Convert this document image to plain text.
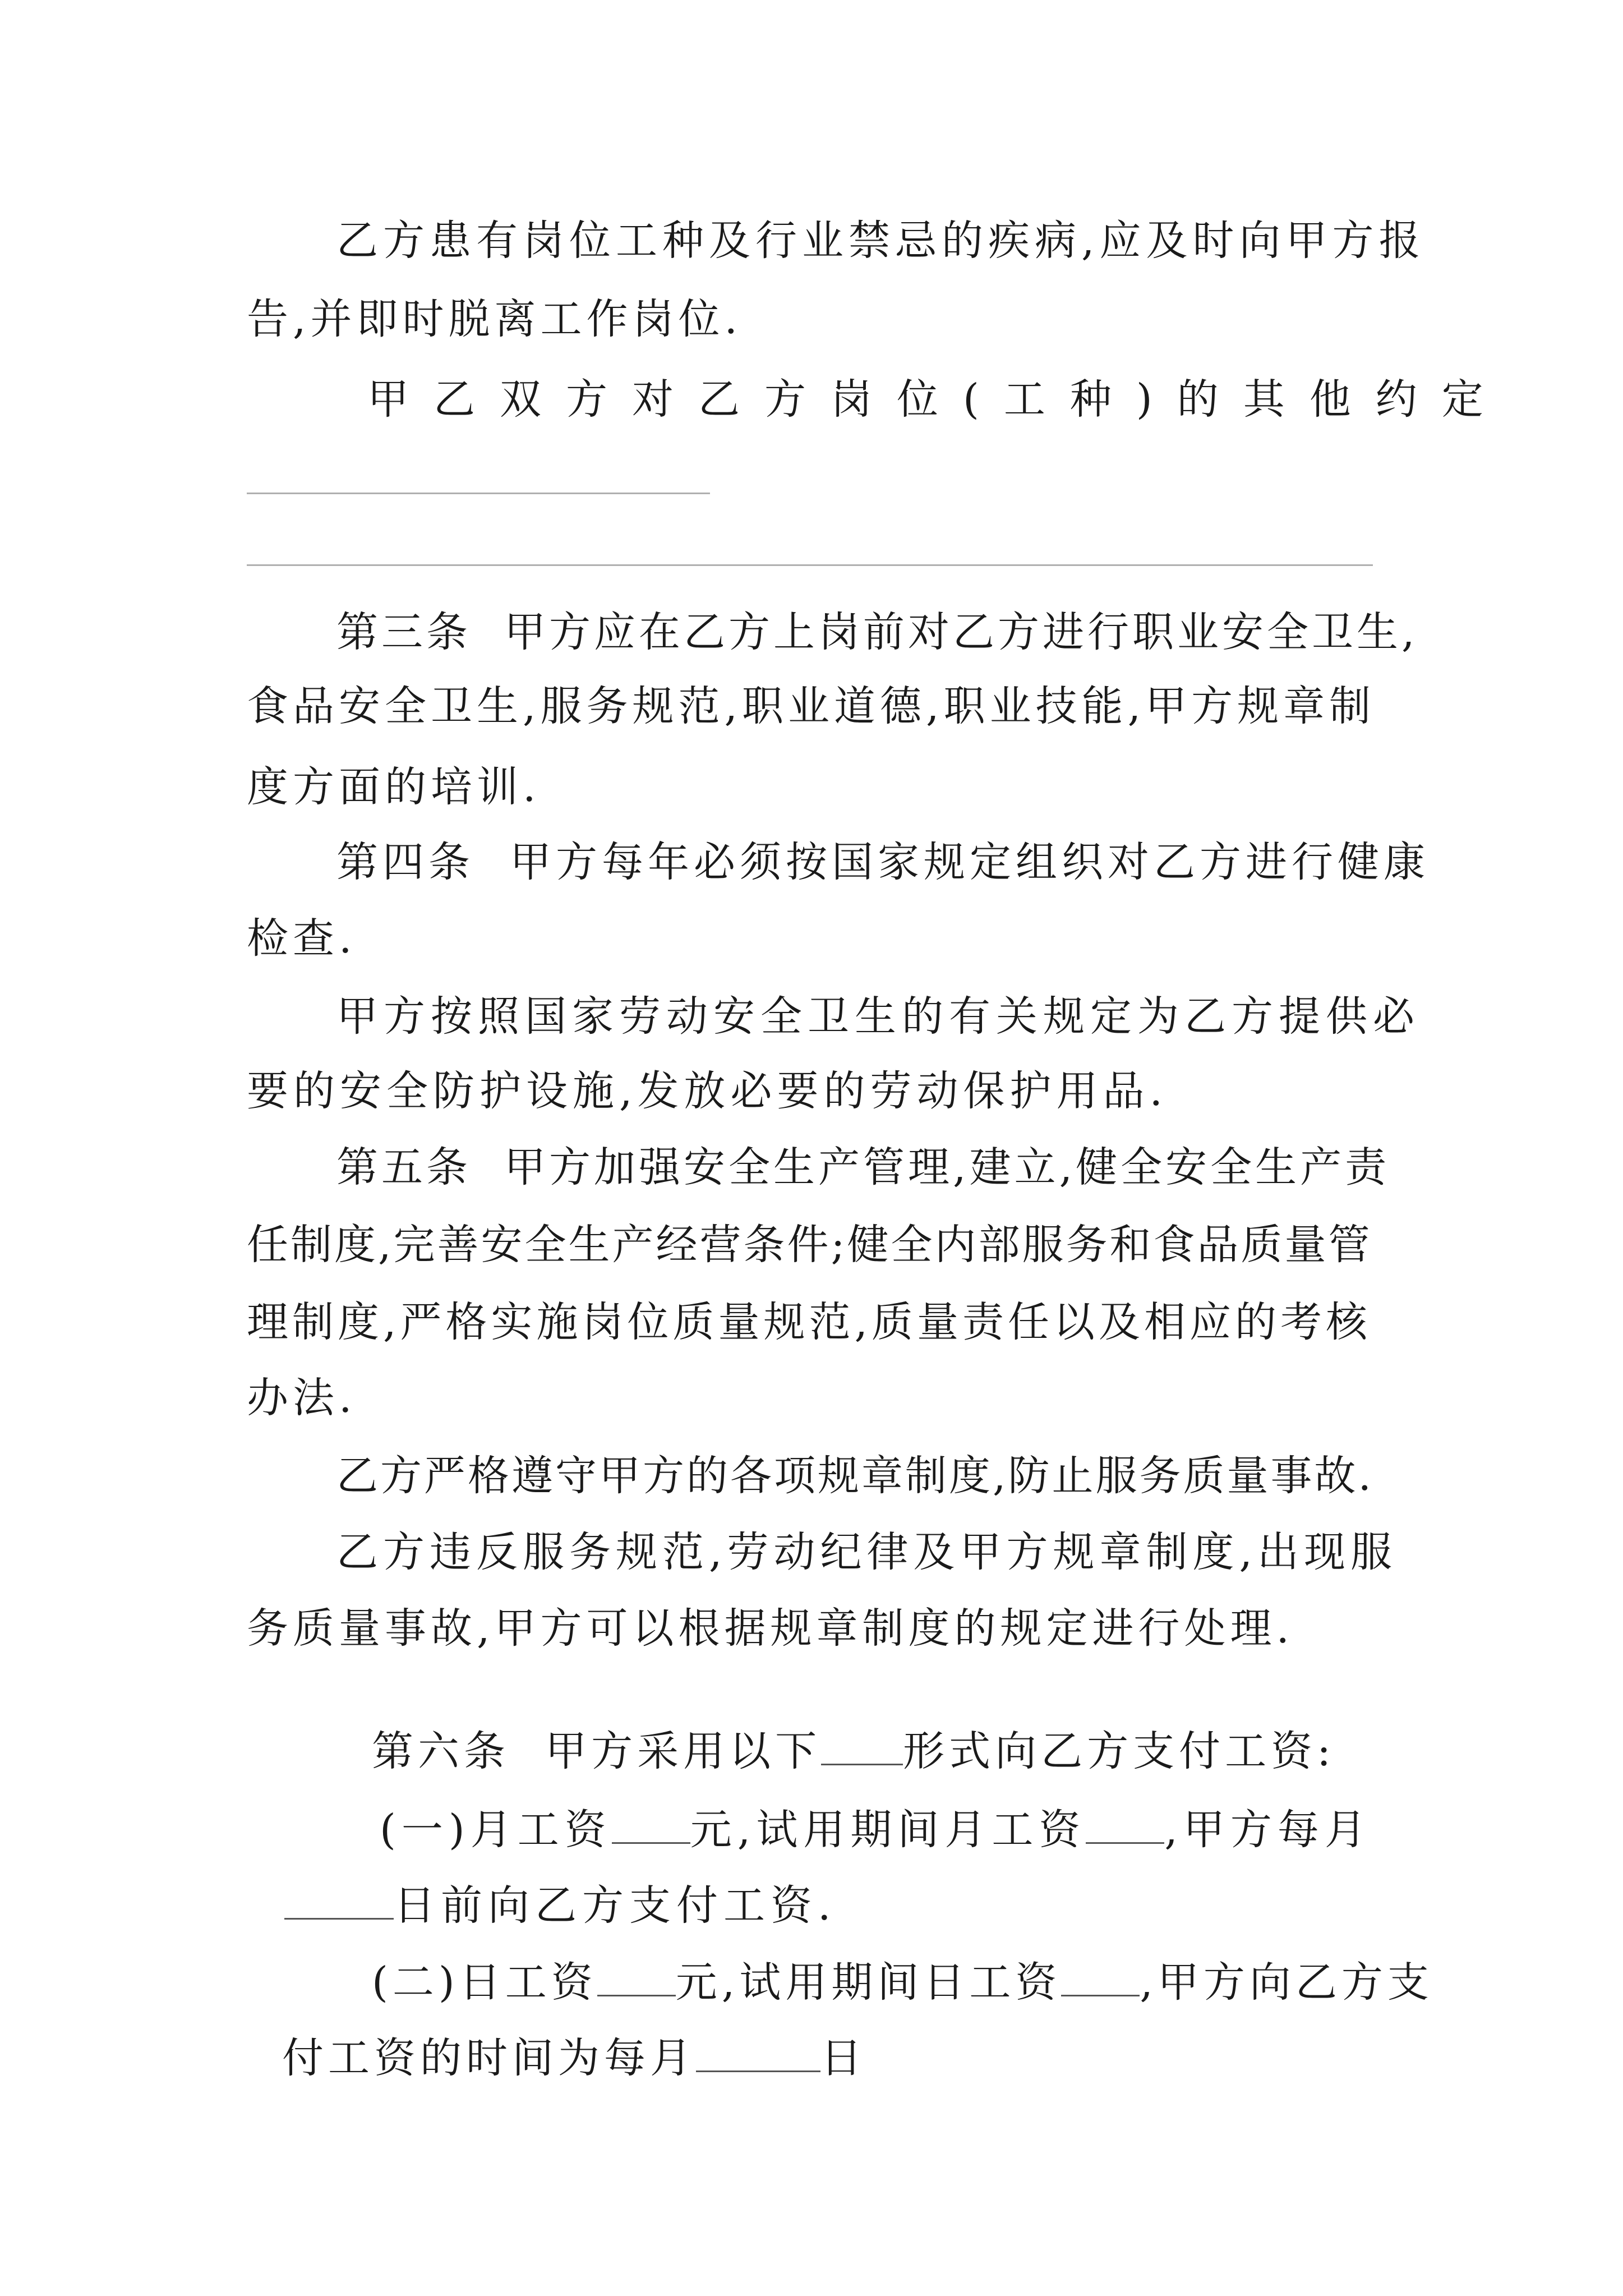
乙方患有岗位工种及行业禁忌的疾病,应及时向甲方报
告,并即时脱离工作岗位.
甲乙双方对乙方岗位(工种)的其他约定
第三条  甲方应在乙方上岗前对乙方进行职业安全卫生,
食品安全卫生,服务规范,职业道德,职业技能,甲方规章制
度方面的培训.
第四条  甲方每年必须按国家规定组织对乙方进行健康
检查.
甲方按照国家劳动安全卫生的有关规定为乙方提供必
要的安全防护设施,发放必要的劳动保护用品.
第五条  甲方加强安全生产管理,建立,健全安全生产责
任制度,完善安全生产经营条件;健全内部服务和食品质量管
理制度,严格实施岗位质量规范,质量责任以及相应的考核
办法.
乙方严格遵守甲方的各项规章制度,防止服务质量事故.
乙方违反服务规范,劳动纪律及甲方规章制度,出现服
务质量事故,甲方可以根据规章制度的规定进行处理.

第六条  甲方采用以下 形式向乙方支付工资:

(一)月工资 元,试用期间月工资 ,甲方每月

日前向乙方支付工资.

(二)日工资 元,试用期间日工资 ,甲方向乙方支

付工资的时间为每月	日
